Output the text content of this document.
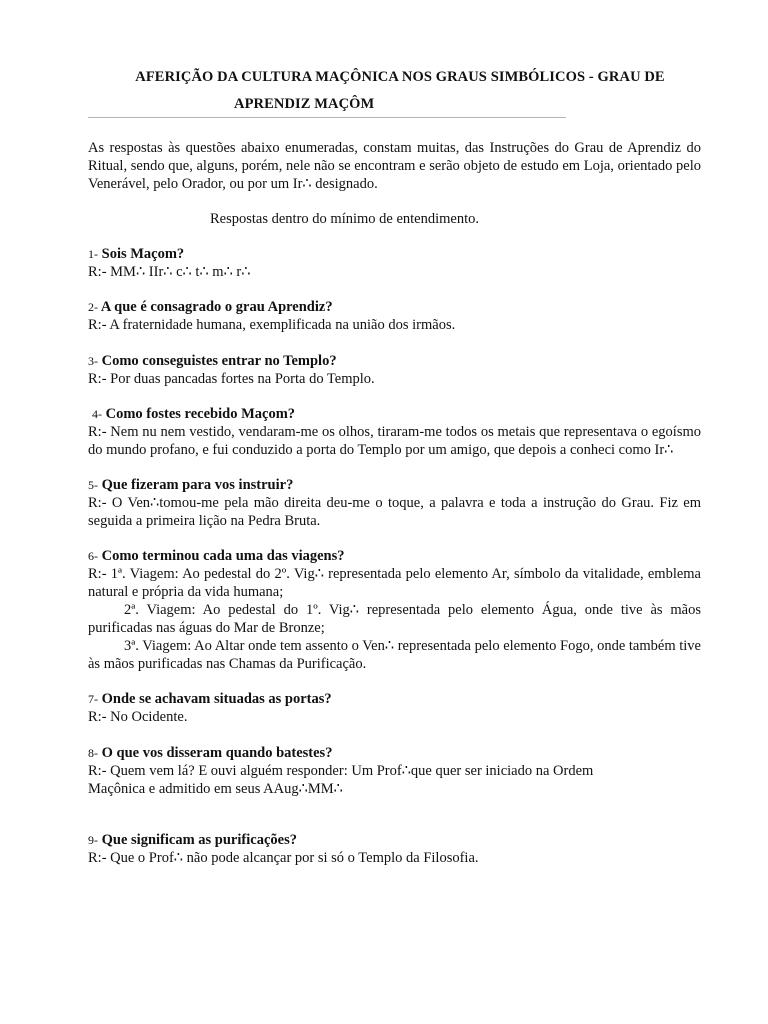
AFERIÇÃO DA CULTURA MAÇÔNICA NOS GRAUS SIMBÓLICOS - GRAU DE
APRENDIZ MAÇÔM

As respostas às questões abaixo enumeradas, constam muitas, das Instruções do Grau de Aprendiz do Ritual, sendo que, alguns, porém, nele não se encontram e serão objeto de estudo em Loja, orientado pelo Venerável, pelo Orador, ou por um Ir∴ designado.

Respostas dentro do mínimo de entendimento.

1- Sois Maçom?

R:- MM∴ IIr∴ c∴ t∴ m∴ r∴

2- A que é consagrado o grau Aprendiz?

R:- A fraternidade humana, exemplificada na união dos irmãos.

3- Como conseguistes entrar no Templo?

R:- Por duas pancadas fortes na Porta do Templo.

4- Como fostes recebido Maçom?

R:- Nem nu nem vestido, vendaram-me os olhos, tiraram-me todos os metais que representava o egoísmo do mundo profano, e fui conduzido a porta do Templo por um amigo, que depois a conheci como Ir∴

5- Que fizeram para vos instruir?

R:- O Ven∴tomou-me pela mão direita deu-me o toque, a palavra e toda a instrução do Grau. Fiz em seguida a primeira lição na Pedra Bruta.

6- Como terminou cada uma das viagens?

R:- 1ª. Viagem: Ao pedestal do 2º. Vig∴ representada pelo elemento Ar, símbolo da vitalidade, emblema natural e própria da vida humana;

2ª. Viagem: Ao pedestal do 1º. Vig∴ representada pelo elemento Água, onde tive às mãos purificadas nas águas do Mar de Bronze;

3ª. Viagem: Ao Altar onde tem assento o Ven∴ representada pelo elemento Fogo, onde também tive às mãos purificadas nas Chamas da Purificação.

7- Onde se achavam situadas as portas?

R:- No Ocidente.

8- O que vos disseram quando batestes?

R:- Quem vem lá? E ouvi alguém responder: Um Prof∴que quer ser iniciado na Ordem Maçônica e admitido em seus AAug∴MM∴

9- Que significam as purificações?

R:- Que o Prof∴ não pode alcançar por si só o Templo da Filosofia.
